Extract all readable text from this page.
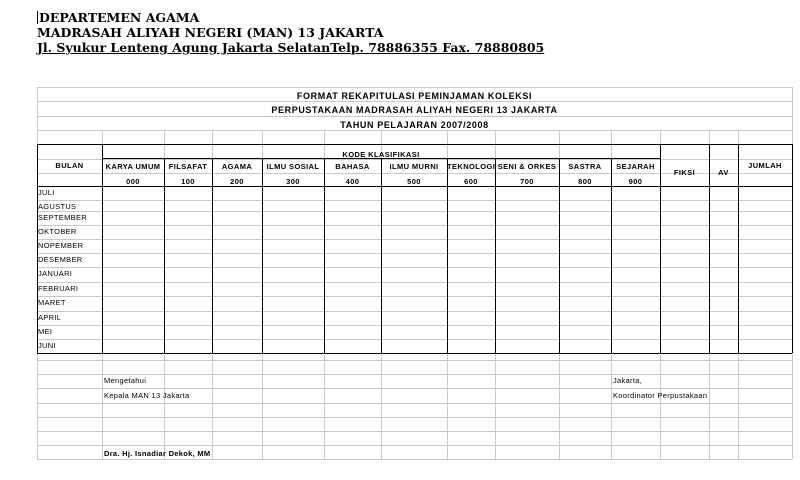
DEPARTEMEN AGAMA
MADRASAH ALIYAH NEGERI (MAN) 13 JAKARTA
Jl. Syukur Lenteng Agung Jakarta SelatanTelp. 78886355 Fax. 78880805
FORMAT REKAPITULASI PEMINJAMAN KOLEKSI
PERPUSTAKAAN MADRASAH ALIYAH NEGERI 13 JAKARTA
TAHUN PELAJARAN 2007/2008
BULAN
KODE KLASIFIKASI
FIKSI	AV
JUMLAH
KARYA UMUM
000
FILSAFAT
100
AGAMA
200
ILMU SOSIAL
300
BAHASA
400
ILMU MURNI
500
TEKNOLOGI
600
SENI & ORKES
700
SASTRA
800
SEJARAH
900
JULI
AGUSTUS
SEPTEMBER
OKTOBER
NOPEMBER
DESEMBER
JANUARI
FEBRUARI
MARET
APRIL
MEI
JUNI
Mengetahui
Kepala MAN 13 Jakarta
Dra. Hj. Isnadiar Dekok, MM
Jakarta,
Koordinator Perpustakaan
